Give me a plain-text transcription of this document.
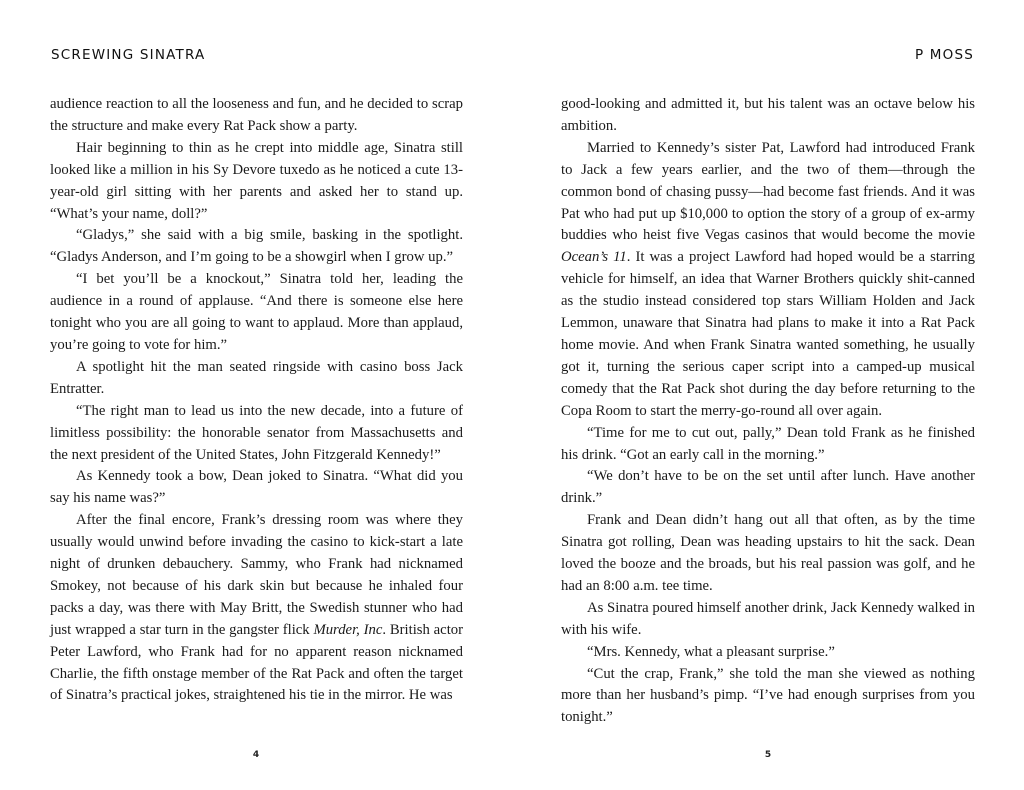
SCREWING SINATRA

audience reaction to all the looseness and fun, and he decided to scrap the structure and make every Rat Pack show a party.

Hair beginning to thin as he crept into middle age, Sinatra still looked like a million in his Sy Devore tuxedo as he noticed a cute 13-year-old girl sitting with her parents and asked her to stand up. “What’s your name, doll?”

“Gladys,” she said with a big smile, basking in the spotlight. “Gladys Anderson, and I’m going to be a showgirl when I grow up.”

“I bet you’ll be a knockout,” Sinatra told her, leading the audience in a round of applause. “And there is someone else here tonight who you are all going to want to applaud. More than applaud, you’re going to vote for him.”

A spotlight hit the man seated ringside with casino boss Jack Entratter.

“The right man to lead us into the new decade, into a future of limitless possibility: the honorable senator from Massachusetts and the next president of the United States, John Fitzgerald Kennedy!”

As Kennedy took a bow, Dean joked to Sinatra. “What did you say his name was?”

After the final encore, Frank’s dressing room was where they usually would unwind before invading the casino to kick-start a late night of drunken debauchery. Sammy, who Frank had nicknamed Smokey, not because of his dark skin but because he inhaled four packs a day, was there with May Britt, the Swedish stunner who had just wrapped a star turn in the gangster flick Murder, Inc. British actor Peter Lawford, who Frank had for no apparent reason nicknamed Charlie, the fifth onstage member of the Rat Pack and often the target of Sinatra’s practical jokes, straightened his tie in the mirror. He was

4
P MOSS

good-looking and admitted it, but his talent was an octave below his ambition.

Married to Kennedy’s sister Pat, Lawford had introduced Frank to Jack a few years earlier, and the two of them—through the common bond of chasing pussy—had become fast friends. And it was Pat who had put up $10,000 to option the story of a group of ex-army buddies who heist five Vegas casinos that would become the movie Ocean’s 11. It was a project Lawford had hoped would be a starring vehicle for himself, an idea that Warner Brothers quickly shit-canned as the studio instead considered top stars William Holden and Jack Lemmon, unaware that Sinatra had plans to make it into a Rat Pack home movie. And when Frank Sinatra wanted something, he usually got it, turning the serious caper script into a camped-up musical comedy that the Rat Pack shot during the day before returning to the Copa Room to start the merry-go-round all over again.

“Time for me to cut out, pally,” Dean told Frank as he finished his drink. “Got an early call in the morning.”

“We don’t have to be on the set until after lunch. Have another drink.”

Frank and Dean didn’t hang out all that often, as by the time Sinatra got rolling, Dean was heading upstairs to hit the sack. Dean loved the booze and the broads, but his real passion was golf, and he had an 8:00 a.m. tee time.

As Sinatra poured himself another drink, Jack Kennedy walked in with his wife.

“Mrs. Kennedy, what a pleasant surprise.”

“Cut the crap, Frank,” she told the man she viewed as nothing more than her husband’s pimp. “I’ve had enough surprises from you tonight.”

5
